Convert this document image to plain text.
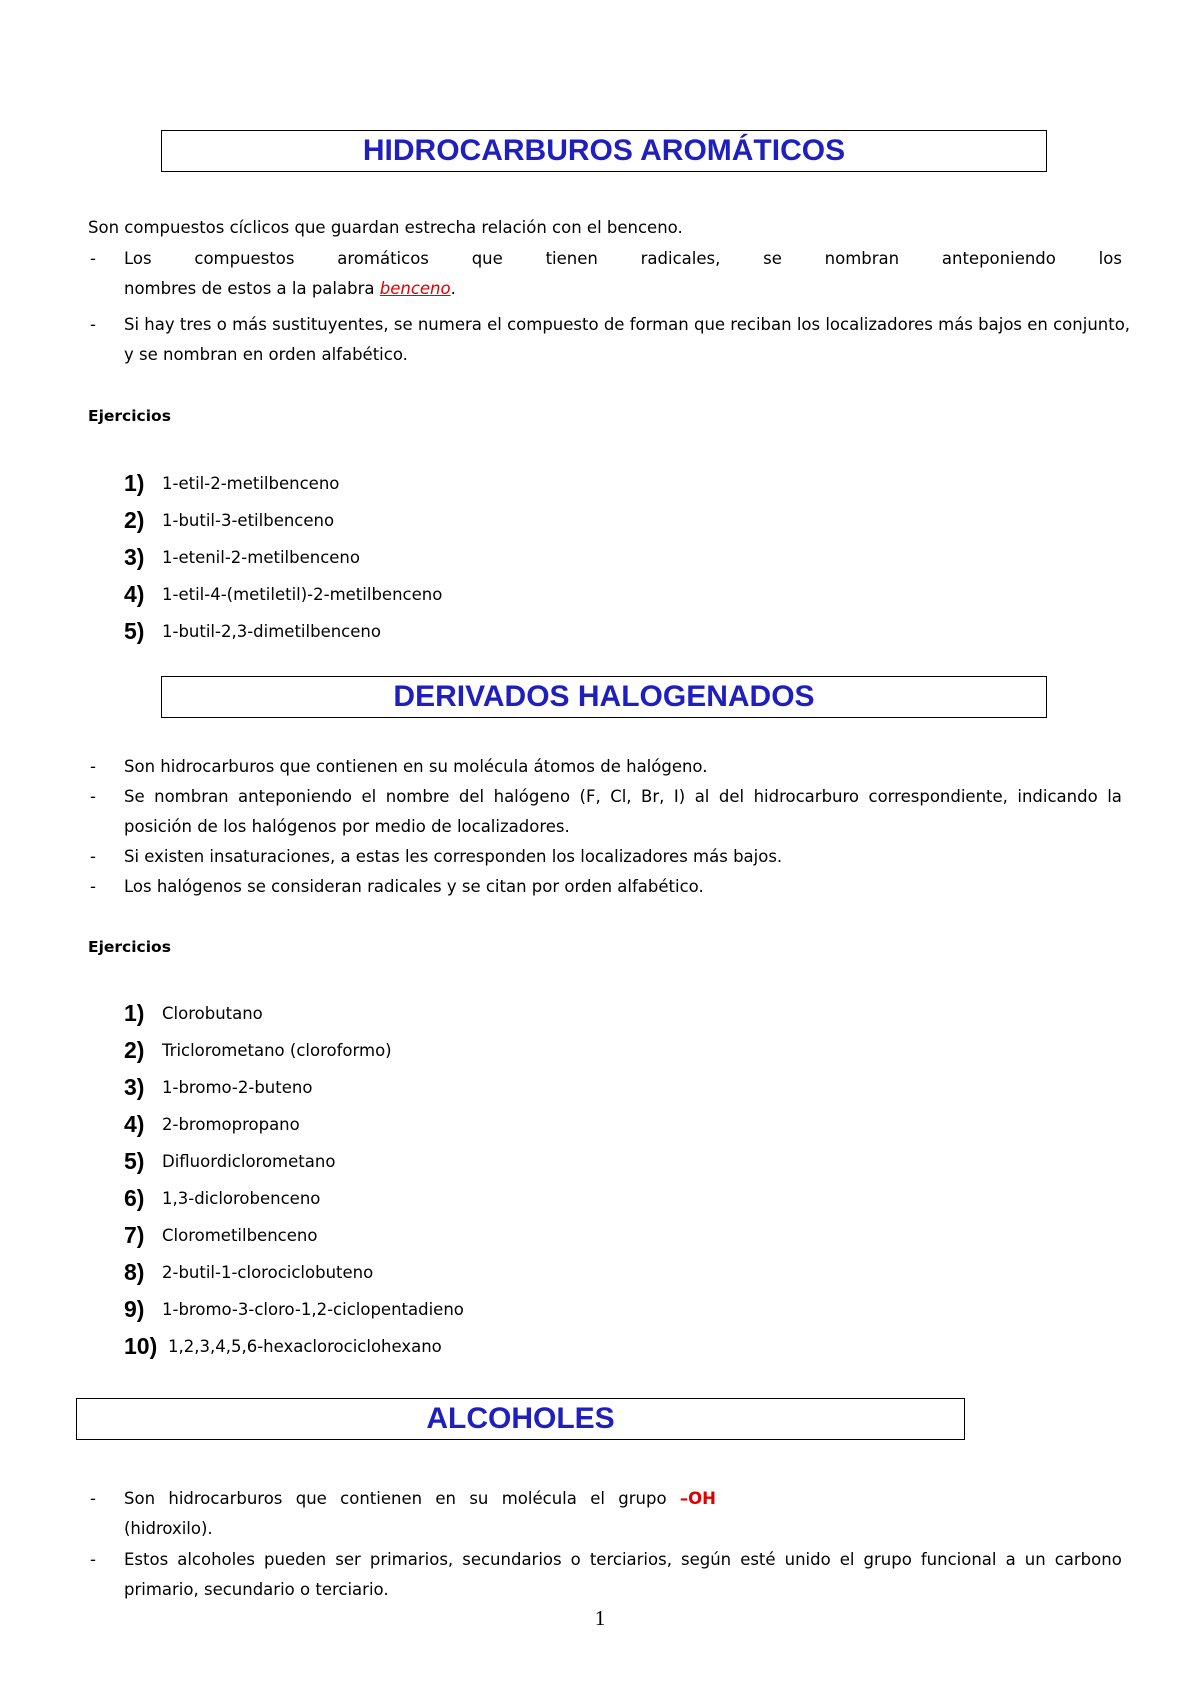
HIDROCARBUROS AROMÁTICOS
Son compuestos cíclicos que guardan estrecha relación con el benceno.
- Los	compuestos	aromáticos	que	tienen	radicales,	se	nombran	anteponiendo	los
nombres de estos a la palabra benceno.
- Si hay tres o más sustituyentes, se numera el compuesto de forman que reciban los localizadores más bajos en conjunto,
y se nombran en orden alfabético.
Ejercicios
1) 1-etil-2-metilbenceno
2) 1-butil-3-etilbenceno
3) 1-etenil-2-metilbenceno
4) 1-etil-4-(metiletil)-2-metilbenceno
5) 1-butil-2,3-dimetilbenceno
DERIVADOS HALOGENADOS
- Son hidrocarburos que contienen en su molécula átomos de halógeno.
- Se nombran anteponiendo el nombre del halógeno (F, Cl, Br, I) al del hidrocarburo correspondiente, indicando la
posición de los halógenos por medio de localizadores.
- Si existen insaturaciones, a estas les corresponden los localizadores más bajos.
- Los halógenos se consideran radicales y se citan por orden alfabético.
Ejercicios
1) Clorobutano
2) Triclorometano (cloroformo)
3) 1-bromo-2-buteno
4) 2-bromopropano
5) Difluordiclorometano
6) 1,3-diclorobenceno
7) Clorometilbenceno
8) 2-butil-1-clorociclobuteno
9) 1-bromo-3-cloro-1,2-ciclopentadieno
10) 1,2,3,4,5,6-hexaclorociclohexano
ALCOHOLES
- Son hidrocarburos que contienen en su molécula el grupo –OH
(hidroxilo).
- Estos alcoholes pueden ser primarios, secundarios o terciarios, según esté unido el grupo funcional a un carbono
primario, secundario o terciario.
1
